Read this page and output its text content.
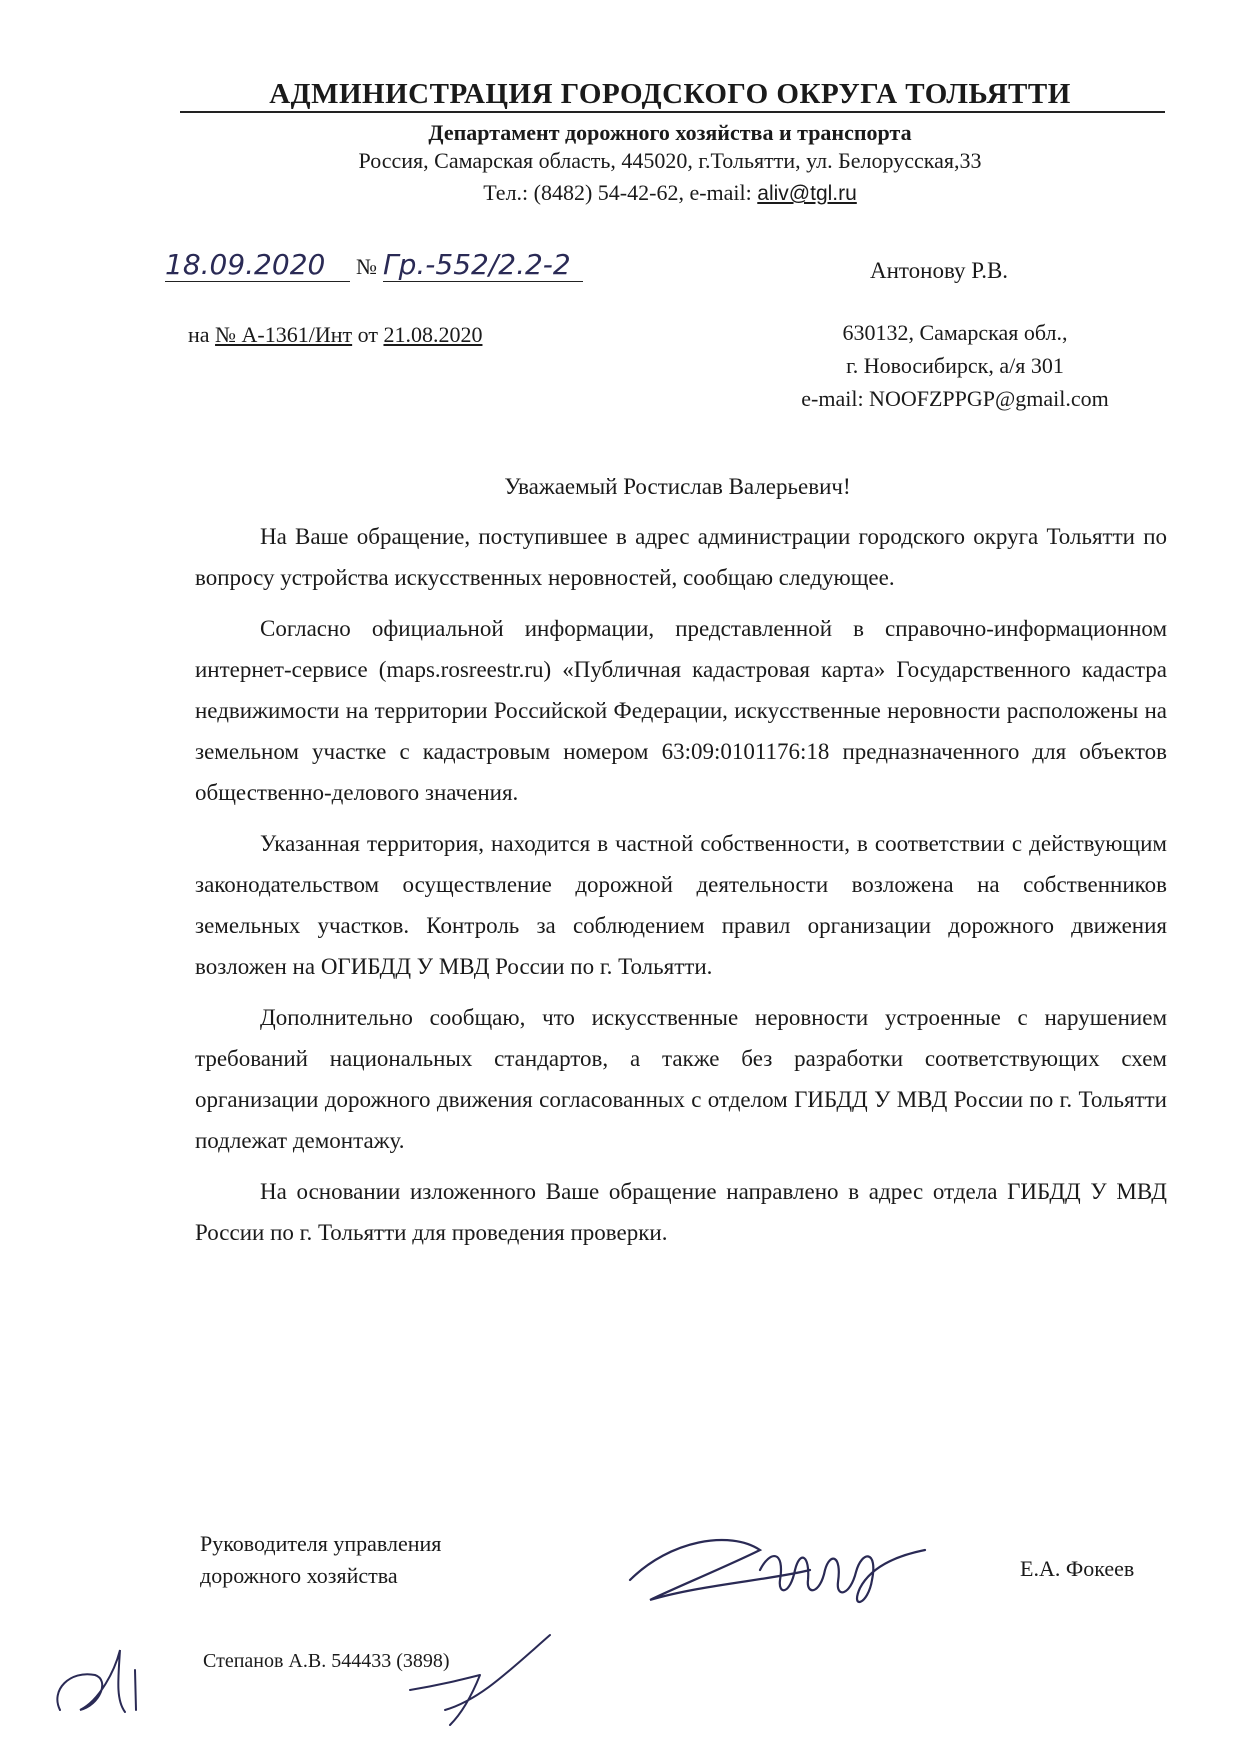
АДМИНИСТРАЦИЯ ГОРОДСКОГО ОКРУГА ТОЛЬЯТТИ
Департамент дорожного хозяйства и транспорта
Россия, Самарская область, 445020, г.Тольятти, ул. Белорусская,33
Тел.: (8482) 54-42-62, e-mail: aliv@tgl.ru
18.09.2020 № Гр.-552/2.2-2
на № А-1361/Инт от 21.08.2020
Антонову Р.В.
630132, Самарская обл.,
г. Новосибирск, а/я 301
e-mail: NOOFZPPGP@gmail.com
Уважаемый Ростислав Валерьевич!

На Ваше обращение, поступившее в адрес администрации городского округа Тольятти по вопросу устройства искусственных неровностей, сообщаю следующее.

Согласно официальной информации, представленной в справочно-информационном интернет-сервисе (maps.rosreestr.ru) «Публичная кадастровая карта» Государственного кадастра недвижимости на территории Российской Федерации, искусственные неровности расположены на земельном участке с кадастровым номером 63:09:0101176:18 предназначенного для объектов общественно-делового значения.

Указанная территория, находится в частной собственности, в соответствии с действующим законодательством осуществление дорожной деятельности возложена на собственников земельных участков. Контроль за соблюдением правил организации дорожного движения возложен на ОГИБДД У МВД России по г. Тольятти.

Дополнительно сообщаю, что искусственные неровности устроенные с нарушением требований национальных стандартов, а также без разработки соответствующих схем организации дорожного движения согласованных с отделом ГИБДД У МВД России по г. Тольятти подлежат демонтажу.

На основании изложенного Ваше обращение направлено в адрес отдела ГИБДД У МВД России по г. Тольятти для проведения проверки.

Руководителя управления
дорожного хозяйства	Е.А. Фокеев
Степанов А.В. 544433 (3898)
